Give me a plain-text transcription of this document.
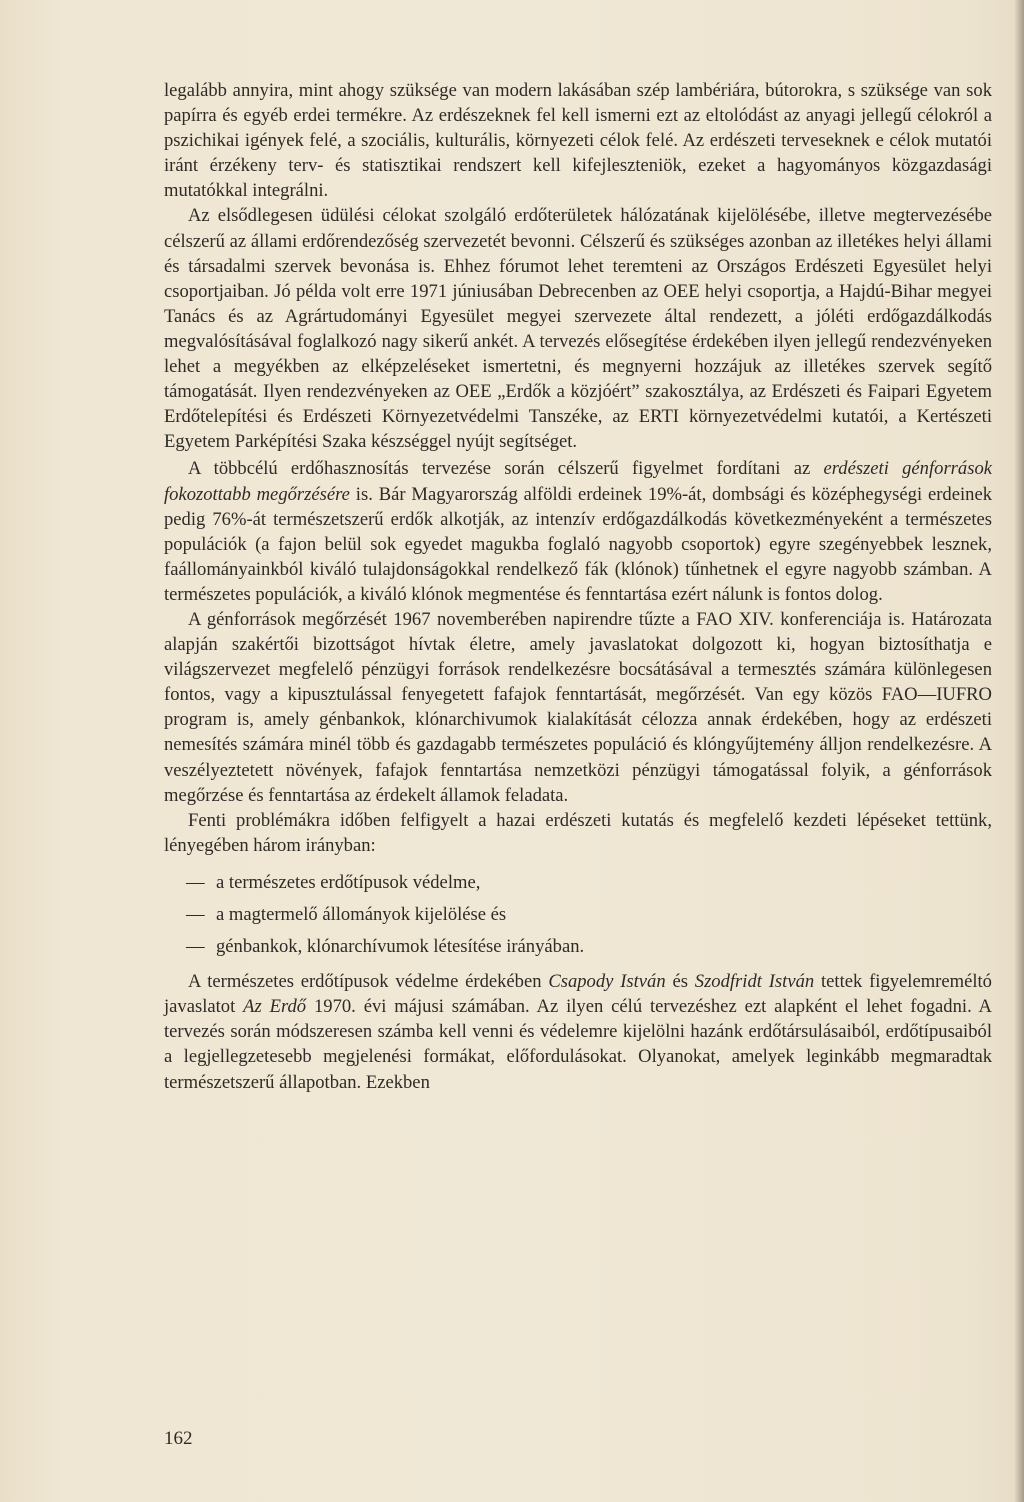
legalább annyira, mint ahogy szüksége van modern lakásában szép lambériára, bútorokra, s szüksége van sok papírra és egyéb erdei termékre. Az erdészeknek fel kell ismerni ezt az eltolódást az anyagi jellegű célokról a pszichikai igények felé, a szociális, kulturális, környezeti célok felé. Az erdészeti terveseknek e célok mutatói iránt érzékeny terv- és statisztikai rendszert kell kifejleszteniök, ezeket a hagyományos közgazdasági mutatókkal integrálni.

Az elsődlegesen üdülési célokat szolgáló erdőterületek hálózatának kijelölésébe, illetve megtervezésébe célszerű az állami erdőrendezőség szervezetét bevonni. Célszerű és szükséges azonban az illetékes helyi állami és társadalmi szervek bevonása is. Ehhez fórumot lehet teremteni az Országos Erdészeti Egyesület helyi csoportjaiban. Jó példa volt erre 1971 júniusában Debrecenben az OEE helyi csoportja, a Hajdú-Bihar megyei Tanács és az Agrártudományi Egyesület megyei szervezete által rendezett, a jóléti erdőgazdálkodás megvalósításával foglalkozó nagy sikerű ankét. A tervezés elősegítése érdekében ilyen jellegű rendezvényeken lehet a megyékben az elképzeléseket ismertetni, és megnyerni hozzájuk az illetékes szervek segítő támogatását. Ilyen rendezvényeken az OEE „Erdők a közjóért” szakosztálya, az Erdészeti és Faipari Egyetem Erdőtelepítési és Erdészeti Környezetvédelmi Tanszéke, az ERTI környezetvédelmi kutatói, a Kertészeti Egyetem Parképítési Szaka készséggel nyújt segítséget.

A többcélú erdőhasznosítás tervezése során célszerű figyelmet fordítani az erdészeti génforrások fokozottabb megőrzésére is. Bár Magyarország alföldi erdeinek 19%-át, dombsági és középhegységi erdeinek pedig 76%-át természetszerű erdők alkotják, az intenzív erdőgazdálkodás következményeként a természetes populációk (a fajon belül sok egyedet magukba foglaló nagyobb csoportok) egyre szegényebbek lesznek, faállományainkból kiváló tulajdonságokkal rendelkező fák (klónok) tűnhetnek el egyre nagyobb számban. A természetes populációk, a kiváló klónok megmentése és fenntartása ezért nálunk is fontos dolog.

A génforrások megőrzését 1967 novemberében napirendre tűzte a FAO XIV. konferenciája is. Határozata alapján szakértői bizottságot hívtak életre, amely javaslatokat dolgozott ki, hogyan biztosíthatja e világszervezet megfelelő pénzügyi források rendelkezésre bocsátásával a termesztés számára különlegesen fontos, vagy a kipusztulással fenyegetett fafajok fenntartását, megőrzését. Van egy közös FAO—IUFRO program is, amely génbankok, klónarchivumok kialakítását célozza annak érdekében, hogy az erdészeti nemesítés számára minél több és gazdagabb természetes populáció és klóngyűjtemény álljon rendelkezésre. A veszélyeztetett növények, fafajok fenntartása nemzetközi pénzügyi támogatással folyik, a génforrások megőrzése és fenntartása az érdekelt államok feladata.

Fenti problémákra időben felfigyelt a hazai erdészeti kutatás és megfelelő kezdeti lépéseket tettünk, lényegében három irányban:

— a természetes erdőtípusok védelme,
— a magtermelő állományok kijelölése és
— génbankok, klónarchívumok létesítése irányában.

A természetes erdőtípusok védelme érdekében Csapody István és Szodfridt István tettek figyelemreméltó javaslatot Az Erdő 1970. évi májusi számában. Az ilyen célú tervezéshez ezt alapként el lehet fogadni. A tervezés során módszeresen számba kell venni és védelemre kijelölni hazánk erdőtársulásaiból, erdőtípusaiból a legjellegzetesebb megjelenési formákat, előfordulásokat. Olyanokat, amelyek leginkább megmaradtak természetszerű állapotban. Ezekben

162
